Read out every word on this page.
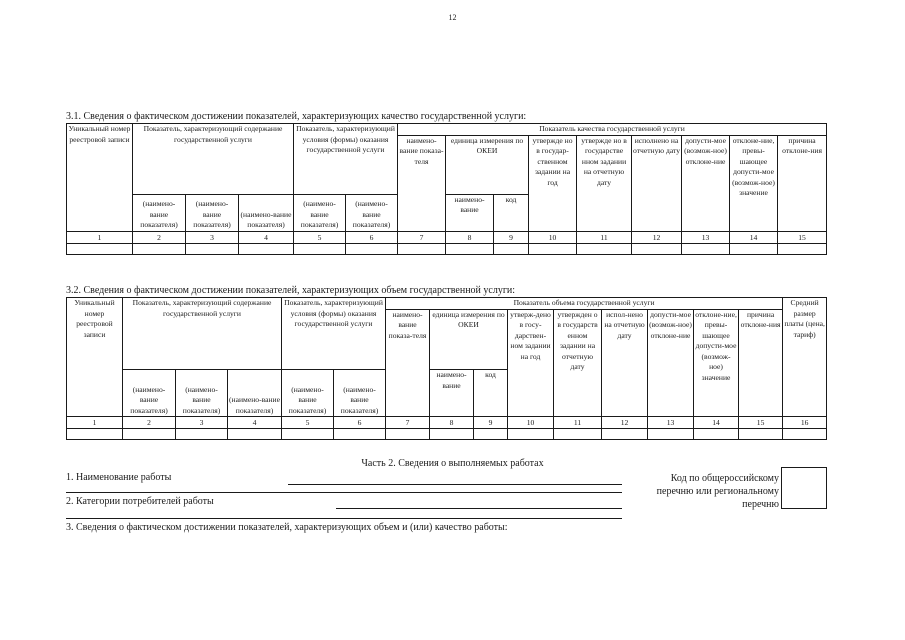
12
3.1. Сведения о фактическом достижении показателей, характеризующих качество государственной услуги:
Уникальный номер реестровой записи	Показатель, характеризующий содержание государственной услуги			Показатель, характеризующий условия (формы) оказания государственной услуги		Показатель качества государственной услуги								
						наимено-вание показа-теля	единица измерения по ОКЕИ		утвержде но в государ-ственном задании на год	утвержде но в государстве нном задании на отчетную дату	исполнено на отчетную дату	допусти-мое (возмож-ное) отклоне-ние	отклоне-ние, превы-шающее допусти-мое (возмож-ное) значение	причина отклоне-ния
	(наимено-вание показателя)	(наимено-вание показателя)	(наимено-вание показателя)	(наимено-вание показателя)	(наимено-вание показателя)		наимено-вание	код						
1	2	3	4	5	6	7	8	9	10	11	12	13	14	15

3.2. Сведения о фактическом достижении показателей, характеризующих объем государственной услуги:
Уникальный номер реестровой записи	Показатель, характеризующий содержание государственной услуги			Показатель, характеризующий условия (формы) оказания государственной услуги		Показатель объема государственной услуги									Средний размер платы (цена, тариф)
						наимено-вание показа-теля	единица измерения по ОКЕИ		утверж-дено в госу-дарствен-ном задании на год	утвержден о в государств енном задании на отчетную дату	испол-нено на отчетную дату	допусти-мое (возмож-ное) отклоне-ние	отклоне-ние, превы-шающее допусти-мое (возмож-ное) значение	причина отклоне-ния	
	(наимено-вание показателя)	(наимено-вание показателя)	(наимено-вание показателя)	(наимено-вание показателя)	(наимено-вание показателя)		наимено-вание	код							
1	2	3	4	5	6	7	8	9	10	11	12	13	14	15	16

Часть 2. Сведения о выполняемых работах
1. Наименование работы
2. Категории потребителей работы
Код по общероссийскому перечню или региональному перечню
3. Сведения о фактическом достижении показателей, характеризующих объем и (или) качество работы:
